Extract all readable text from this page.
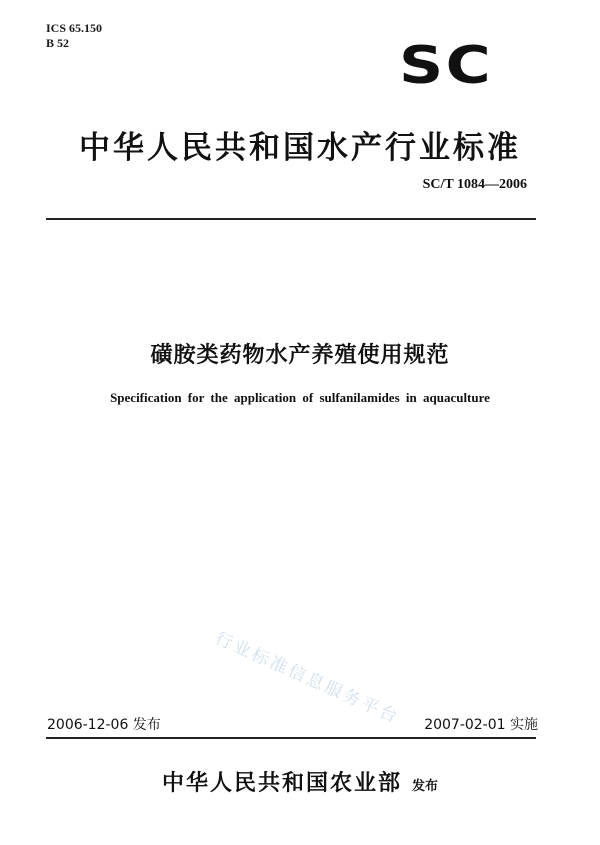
ICS 65.150
B 52	SC
中华人民共和国水产行业标准
SC/T 1084—2006
磺胺类药物水产养殖使用规范
Specification for the application of sulfanilamides in aquaculture
行业标准信息服务平台
2006-12-06 发布	2007-02-01 实施
中华人民共和国农业部 发布
